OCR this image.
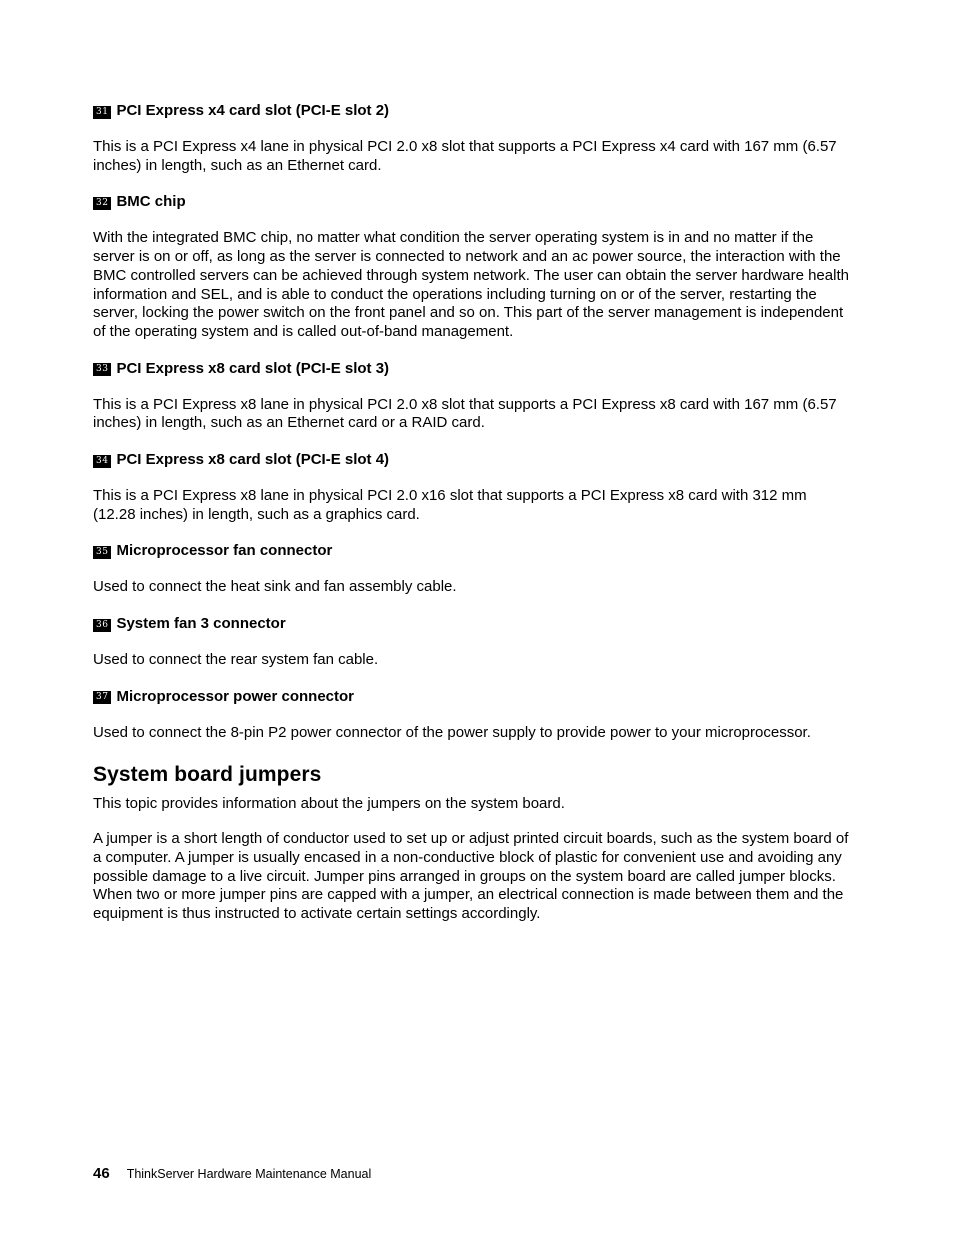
31 PCI Express x4 card slot (PCI-E slot 2)

This is a PCI Express x4 lane in physical PCI 2.0 x8 slot that supports a PCI Express x4 card with 167 mm (6.57 inches) in length, such as an Ethernet card.

32 BMC chip

With the integrated BMC chip, no matter what condition the server operating system is in and no matter if the server is on or off, as long as the server is connected to network and an ac power source, the interaction with the BMC controlled servers can be achieved through system network. The user can obtain the server hardware health information and SEL, and is able to conduct the operations including turning on or of the server, restarting the server, locking the power switch on the front panel and so on. This part of the server management is independent of the operating system and is called out-of-band management.

33 PCI Express x8 card slot (PCI-E slot 3)

This is a PCI Express x8 lane in physical PCI 2.0 x8 slot that supports a PCI Express x8 card with 167 mm (6.57 inches) in length, such as an Ethernet card or a RAID card.

34 PCI Express x8 card slot (PCI-E slot 4)

This is a PCI Express x8 lane in physical PCI 2.0 x16 slot that supports a PCI Express x8 card with 312 mm (12.28 inches) in length, such as a graphics card.

35 Microprocessor fan connector

Used to connect the heat sink and fan assembly cable.

36 System fan 3 connector

Used to connect the rear system fan cable.

37 Microprocessor power connector

Used to connect the 8-pin P2 power connector of the power supply to provide power to your microprocessor.

System board jumpers

This topic provides information about the jumpers on the system board.

A jumper is a short length of conductor used to set up or adjust printed circuit boards, such as the system board of a computer. A jumper is usually encased in a non-conductive block of plastic for convenient use and avoiding any possible damage to a live circuit. Jumper pins arranged in groups on the system board are called jumper blocks. When two or more jumper pins are capped with a jumper, an electrical connection is made between them and the equipment is thus instructed to activate certain settings accordingly.

46 ThinkServer Hardware Maintenance Manual
